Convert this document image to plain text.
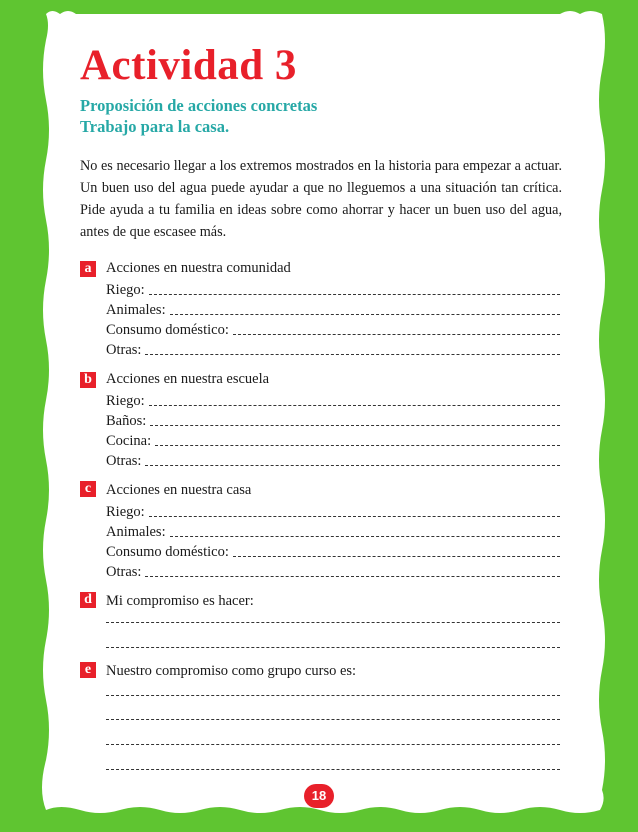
Actividad 3
Proposición de acciones concretas
Trabajo para la casa.

No es necesario llegar a los extremos mostrados en la historia para empezar a actuar. Un buen uso del agua puede ayudar a que no lleguemos a una situación tan crítica. Pide ayuda a tu familia en ideas sobre como ahorrar y hacer un buen uso del agua, antes de que escasee más.

a	Acciones en nuestra comunidad
Riego:
Animales:
Consumo doméstico:
Otras:
b Acciones en nuestra escuela
Riego:
Baños:
Cocina:
Otras:
c	Acciones en nuestra casa
Riego:
Animales:
Consumo doméstico:
Otras:
d Mi compromiso es hacer:
e	Nuestro compromiso como grupo curso es:
18
